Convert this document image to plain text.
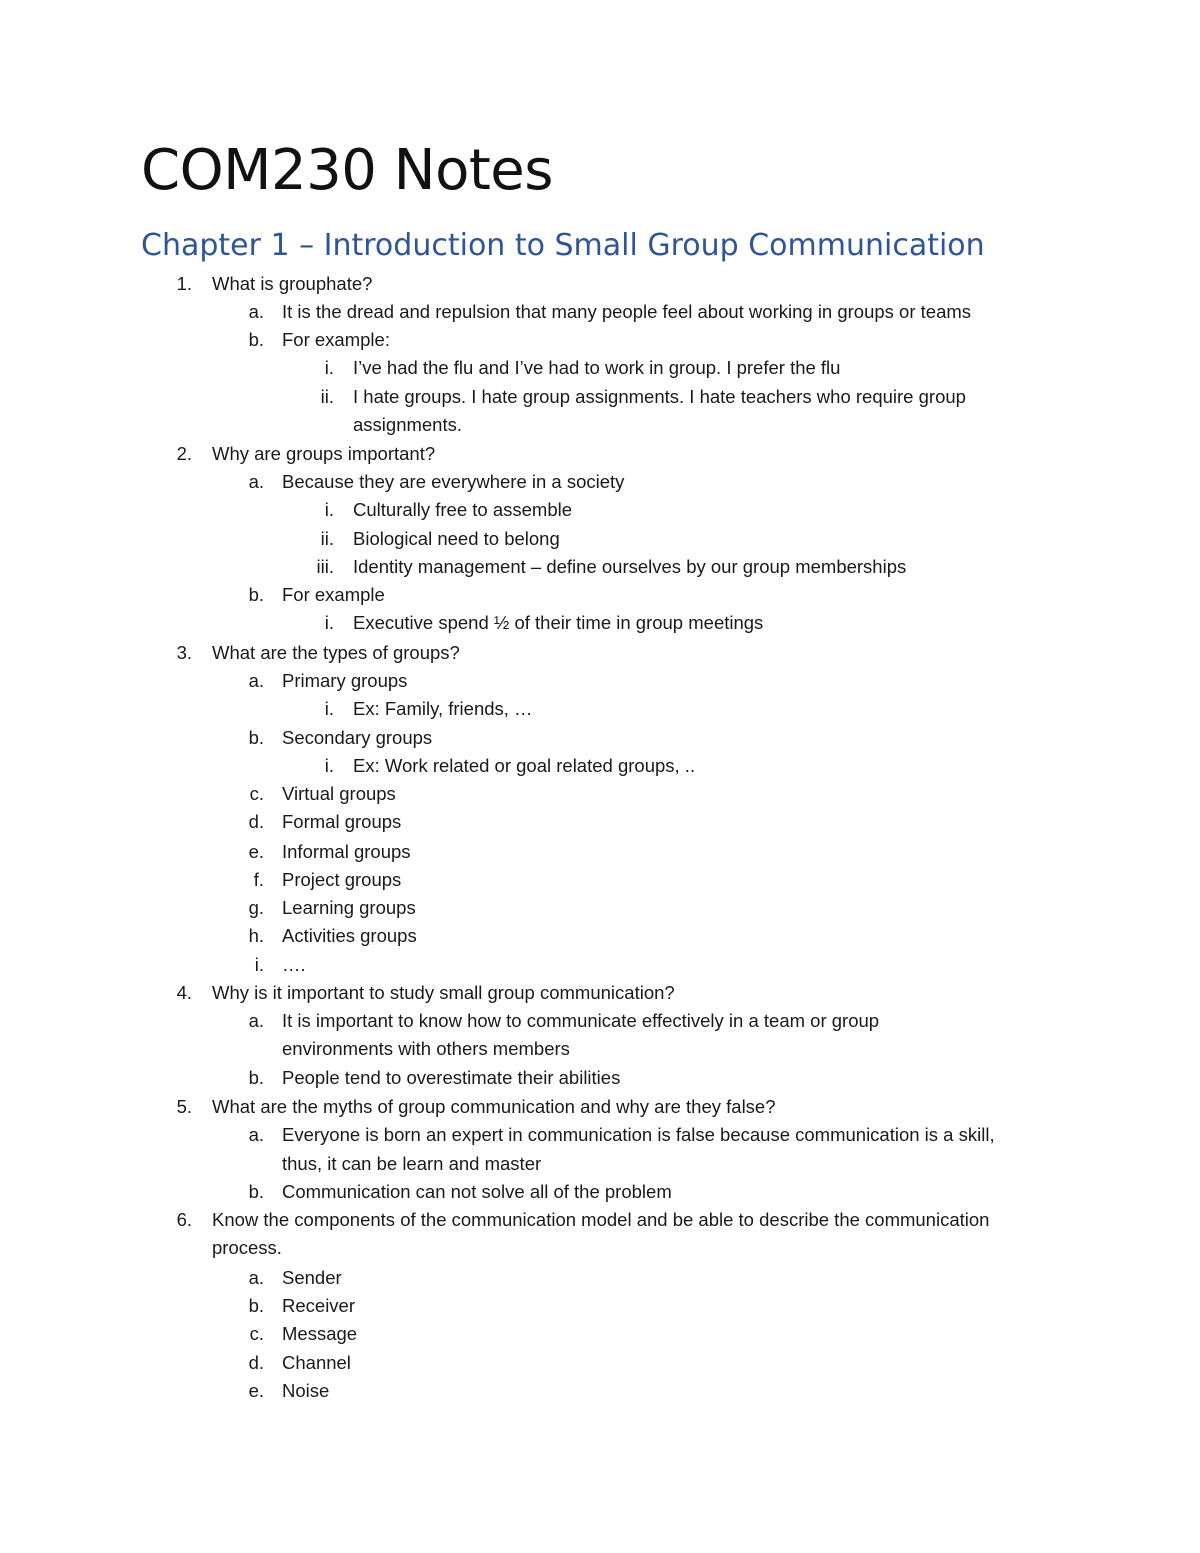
COM230 Notes
Chapter 1 – Introduction to Small Group Communication
1. What is grouphate?
a. It is the dread and repulsion that many people feel about working in groups or teams
b. For example:
i. I’ve had the flu and I’ve had to work in group. I prefer the flu
ii. I hate groups. I hate group assignments. I hate teachers who require group
assignments.
2. Why are groups important?
a. Because they are everywhere in a society
i. Culturally free to assemble
ii. Biological need to belong
iii. Identity management – define ourselves by our group memberships
b. For example
i. Executive spend ½ of their time in group meetings
3. What are the types of groups?
a. Primary groups
i. Ex: Family, friends, …
b. Secondary groups
i. Ex: Work related or goal related groups, ..
c. Virtual groups
d. Formal groups
e. Informal groups
f. Project groups
g. Learning groups
h. Activities groups
i. ….
4. Why is it important to study small group communication?
a. It is important to know how to communicate effectively in a team or group
environments with others members
b. People tend to overestimate their abilities
5. What are the myths of group communication and why are they false?
a. Everyone is born an expert in communication is false because communication is a skill,
thus, it can be learn and master
b. Communication can not solve all of the problem
6. Know the components of the communication model and be able to describe the communication
process.
a. Sender
b. Receiver
c. Message
d. Channel
e. Noise
